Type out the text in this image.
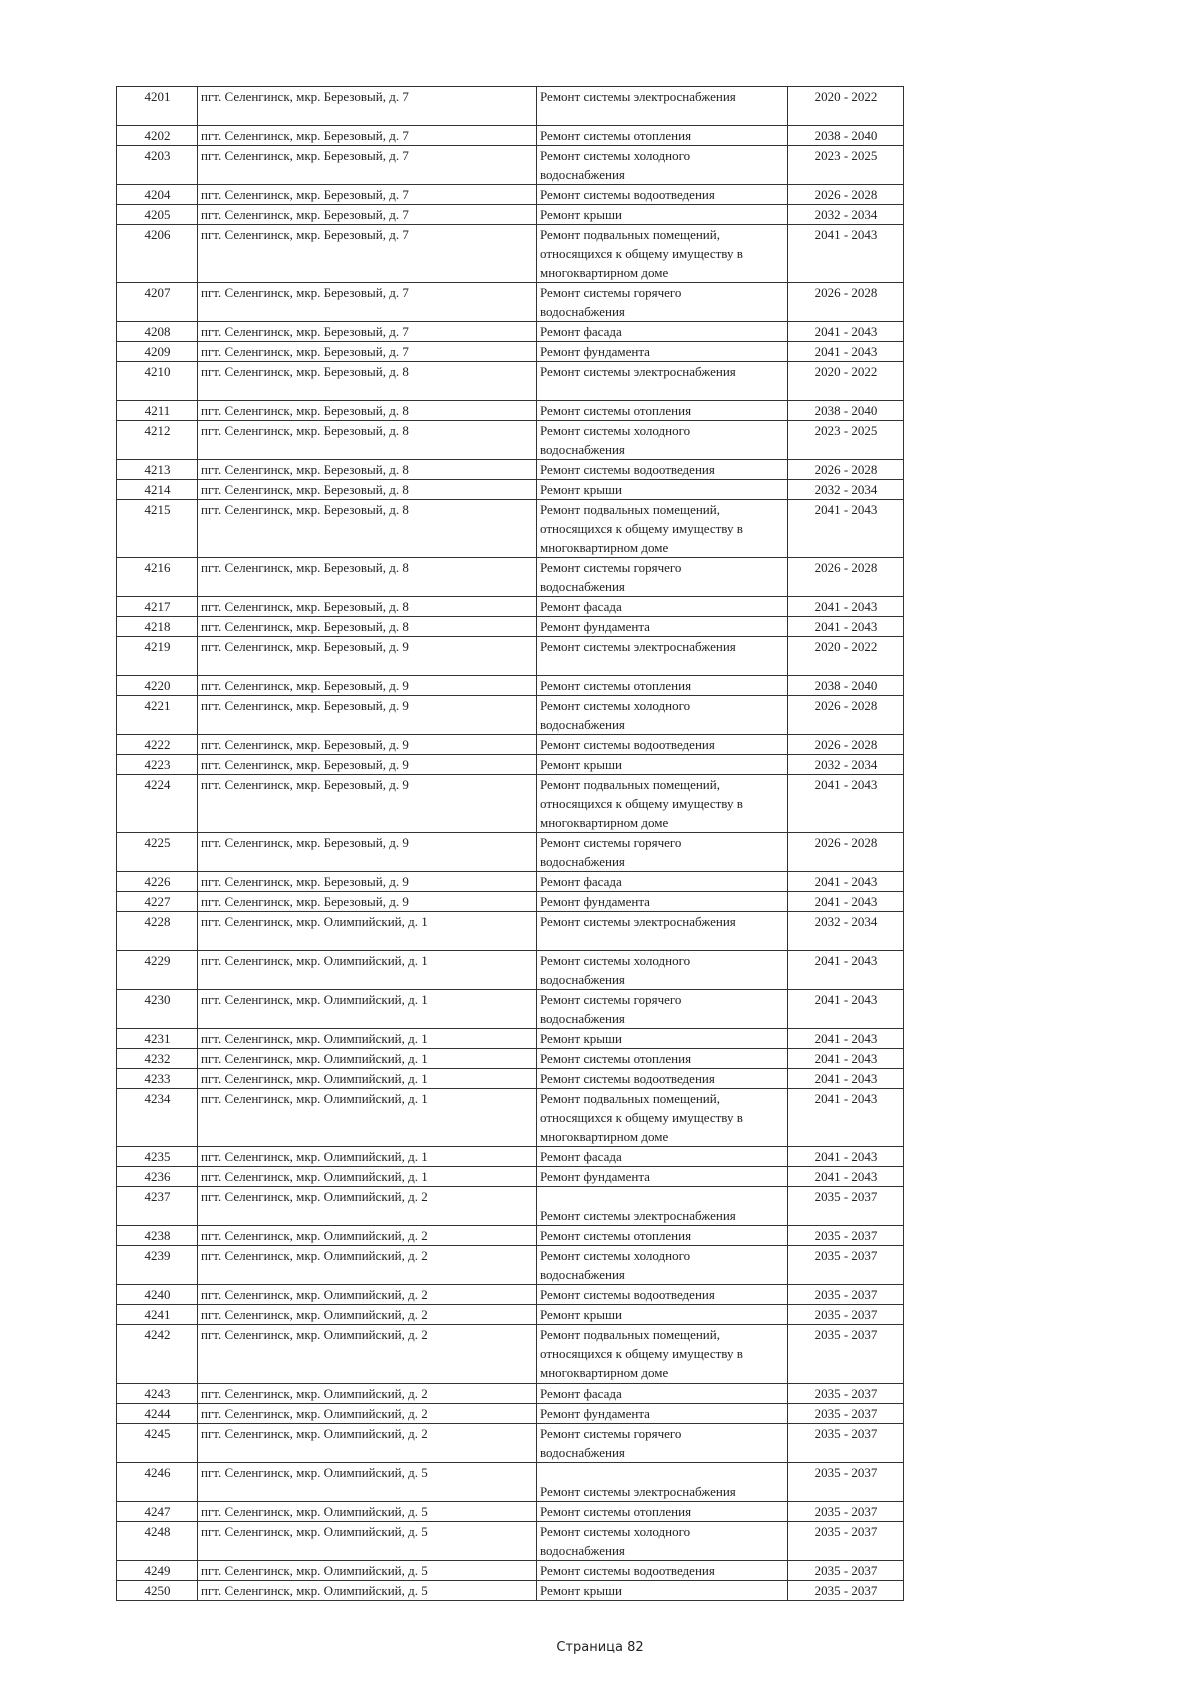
4201	пгт. Селенгинск, мкр. Березовый, д. 7	Ремонт системы электроснабжения	2020 - 2022
4202	пгт. Селенгинск, мкр. Березовый, д. 7	Ремонт системы отопления	2038 - 2040
4203	пгт. Селенгинск, мкр. Березовый, д. 7	Ремонт системы холодного
водоснабжения	2023 - 2025
4204	пгт. Селенгинск, мкр. Березовый, д. 7	Ремонт системы водоотведения	2026 - 2028
4205	пгт. Селенгинск, мкр. Березовый, д. 7	Ремонт крыши	2032 - 2034
4206	пгт. Селенгинск, мкр. Березовый, д. 7	Ремонт подвальных помещений,
относящихся к общему имуществу в
многоквартирном доме	2041 - 2043
4207	пгт. Селенгинск, мкр. Березовый, д. 7	Ремонт системы горячего
водоснабжения	2026 - 2028
4208	пгт. Селенгинск, мкр. Березовый, д. 7	Ремонт фасада	2041 - 2043
4209	пгт. Селенгинск, мкр. Березовый, д. 7	Ремонт фундамента	2041 - 2043
4210	пгт. Селенгинск, мкр. Березовый, д. 8	Ремонт системы электроснабжения	2020 - 2022
4211	пгт. Селенгинск, мкр. Березовый, д. 8	Ремонт системы отопления	2038 - 2040
4212	пгт. Селенгинск, мкр. Березовый, д. 8	Ремонт системы холодного
водоснабжения	2023 - 2025
4213	пгт. Селенгинск, мкр. Березовый, д. 8	Ремонт системы водоотведения	2026 - 2028
4214	пгт. Селенгинск, мкр. Березовый, д. 8	Ремонт крыши	2032 - 2034
4215	пгт. Селенгинск, мкр. Березовый, д. 8	Ремонт подвальных помещений,
относящихся к общему имуществу в
многоквартирном доме	2041 - 2043
4216	пгт. Селенгинск, мкр. Березовый, д. 8	Ремонт системы горячего
водоснабжения	2026 - 2028
4217	пгт. Селенгинск, мкр. Березовый, д. 8	Ремонт фасада	2041 - 2043
4218	пгт. Селенгинск, мкр. Березовый, д. 8	Ремонт фундамента	2041 - 2043
4219	пгт. Селенгинск, мкр. Березовый, д. 9	Ремонт системы электроснабжения	2020 - 2022
4220	пгт. Селенгинск, мкр. Березовый, д. 9	Ремонт системы отопления	2038 - 2040
4221	пгт. Селенгинск, мкр. Березовый, д. 9	Ремонт системы холодного
водоснабжения	2026 - 2028
4222	пгт. Селенгинск, мкр. Березовый, д. 9	Ремонт системы водоотведения	2026 - 2028
4223	пгт. Селенгинск, мкр. Березовый, д. 9	Ремонт крыши	2032 - 2034
4224	пгт. Селенгинск, мкр. Березовый, д. 9	Ремонт подвальных помещений,
относящихся к общему имуществу в
многоквартирном доме	2041 - 2043
4225	пгт. Селенгинск, мкр. Березовый, д. 9	Ремонт системы горячего
водоснабжения	2026 - 2028
4226	пгт. Селенгинск, мкр. Березовый, д. 9	Ремонт фасада	2041 - 2043
4227	пгт. Селенгинск, мкр. Березовый, д. 9	Ремонт фундамента	2041 - 2043
4228	пгт. Селенгинск, мкр. Олимпийский, д. 1	Ремонт системы электроснабжения	2032 - 2034
4229	пгт. Селенгинск, мкр. Олимпийский, д. 1	Ремонт системы холодного
водоснабжения	2041 - 2043
4230	пгт. Селенгинск, мкр. Олимпийский, д. 1	Ремонт системы горячего
водоснабжения	2041 - 2043
4231	пгт. Селенгинск, мкр. Олимпийский, д. 1	Ремонт крыши	2041 - 2043
4232	пгт. Селенгинск, мкр. Олимпийский, д. 1	Ремонт системы отопления	2041 - 2043
4233	пгт. Селенгинск, мкр. Олимпийский, д. 1	Ремонт системы водоотведения	2041 - 2043
4234	пгт. Селенгинск, мкр. Олимпийский, д. 1	Ремонт подвальных помещений,
относящихся к общему имуществу в
многоквартирном доме	2041 - 2043
4235	пгт. Селенгинск, мкр. Олимпийский, д. 1	Ремонт фасада	2041 - 2043
4236	пгт. Селенгинск, мкр. Олимпийский, д. 1	Ремонт фундамента	2041 - 2043
4237	пгт. Селенгинск, мкр. Олимпийский, д. 2	Ремонт системы электроснабжения	2035 - 2037
4238	пгт. Селенгинск, мкр. Олимпийский, д. 2	Ремонт системы отопления	2035 - 2037
4239	пгт. Селенгинск, мкр. Олимпийский, д. 2	Ремонт системы холодного
водоснабжения	2035 - 2037
4240	пгт. Селенгинск, мкр. Олимпийский, д. 2	Ремонт системы водоотведения	2035 - 2037
4241	пгт. Селенгинск, мкр. Олимпийский, д. 2	Ремонт крыши	2035 - 2037
4242	пгт. Селенгинск, мкр. Олимпийский, д. 2	Ремонт подвальных помещений,
относящихся к общему имуществу в
многоквартирном доме	2035 - 2037
4243	пгт. Селенгинск, мкр. Олимпийский, д. 2	Ремонт фасада	2035 - 2037
4244	пгт. Селенгинск, мкр. Олимпийский, д. 2	Ремонт фундамента	2035 - 2037
4245	пгт. Селенгинск, мкр. Олимпийский, д. 2	Ремонт системы горячего
водоснабжения	2035 - 2037
4246	пгт. Селенгинск, мкр. Олимпийский, д. 5	Ремонт системы электроснабжения	2035 - 2037
4247	пгт. Селенгинск, мкр. Олимпийский, д. 5	Ремонт системы отопления	2035 - 2037
4248	пгт. Селенгинск, мкр. Олимпийский, д. 5	Ремонт системы холодного
водоснабжения	2035 - 2037
4249	пгт. Селенгинск, мкр. Олимпийский, д. 5	Ремонт системы водоотведения	2035 - 2037
4250	пгт. Селенгинск, мкр. Олимпийский, д. 5	Ремонт крыши	2035 - 2037
Страница 82
